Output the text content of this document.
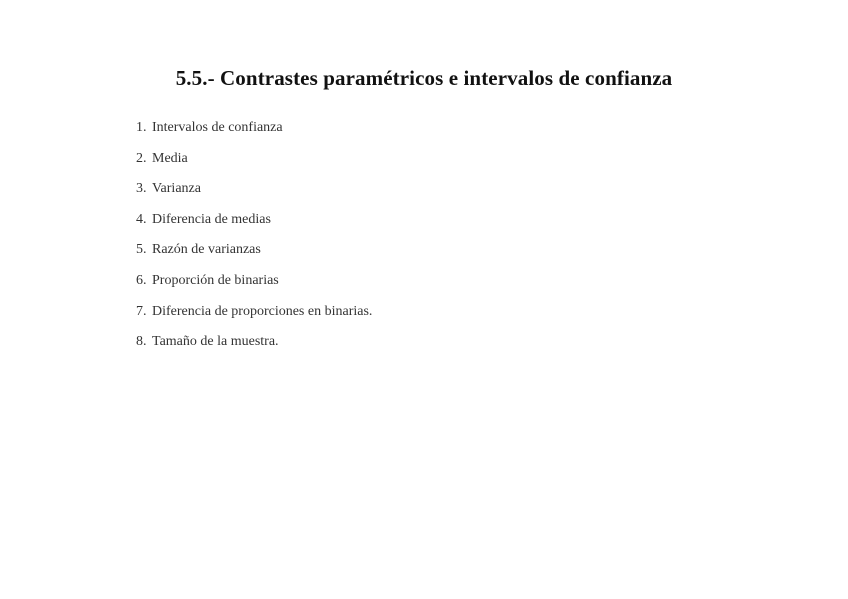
5.5.- Contrastes paramétricos e intervalos de confianza
1. Intervalos de confianza
2. Media
3. Varianza
4. Diferencia de medias
5. Razón de varianzas
6. Proporción de binarias
7. Diferencia de proporciones en binarias.
8. Tamaño de la muestra.
